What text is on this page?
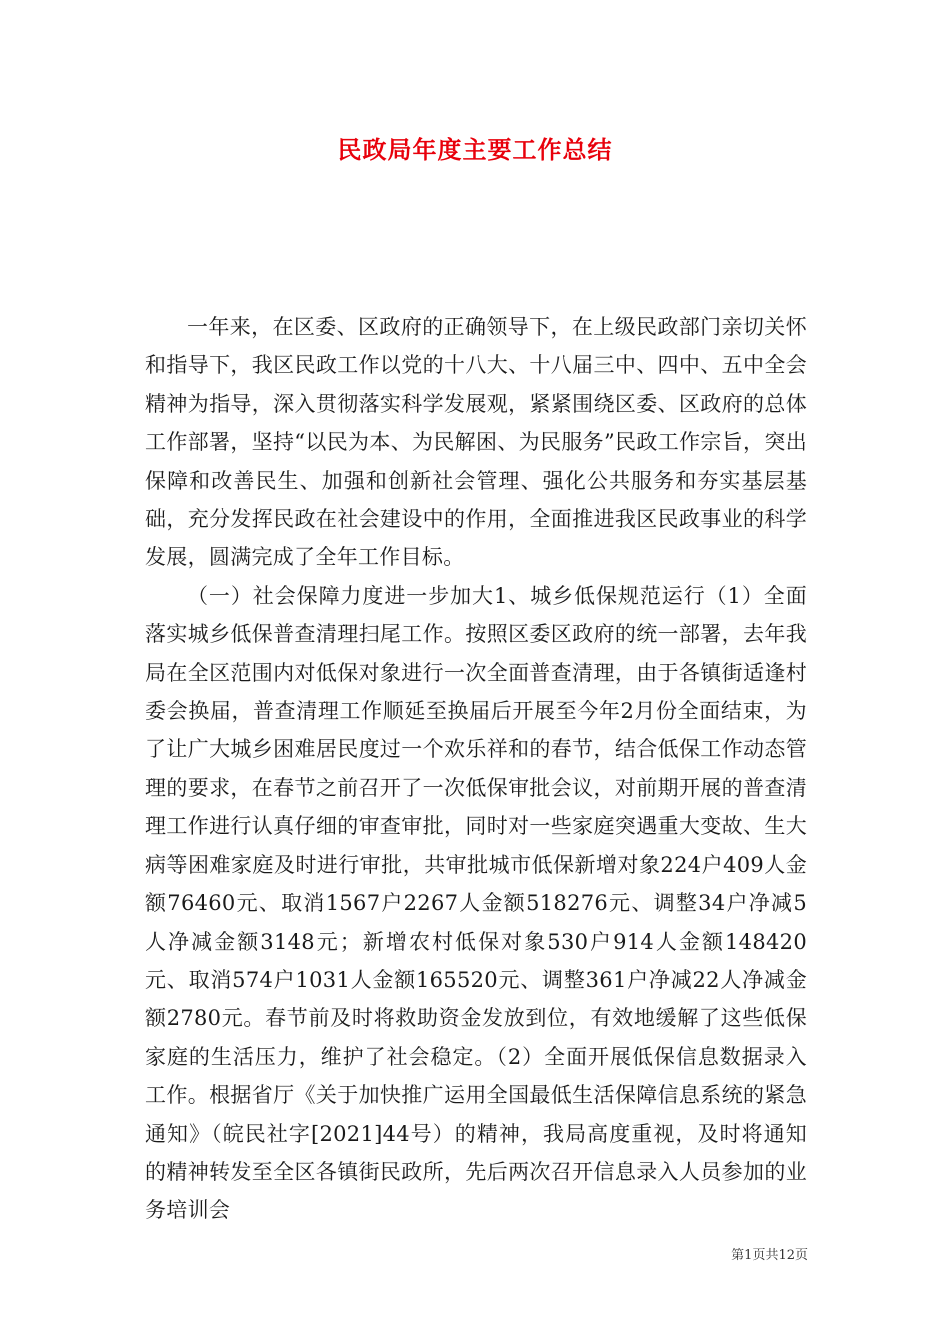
民政局年度主要工作总结

一年来，在区委、区政府的正确领导下，在上级民政部门亲切关怀和指导下，我区民政工作以党的十八大、十八届三中、四中、五中全会精神为指导，深入贯彻落实科学发展观，紧紧围绕区委、区政府的总体工作部署，坚持“以民为本、为民解困、为民服务”民政工作宗旨，突出保障和改善民生、加强和创新社会管理、强化公共服务和夯实基层基础，充分发挥民政在社会建设中的作用，全面推进我区民政事业的科学发展，圆满完成了全年工作目标。

（一）社会保障力度进一步加大1、城乡低保规范运行（1）全面落实城乡低保普查清理扫尾工作。按照区委区政府的统一部署，去年我局在全区范围内对低保对象进行一次全面普查清理，由于各镇街适逢村委会换届，普查清理工作顺延至换届后开展至今年2月份全面结束，为了让广大城乡困难居民度过一个欢乐祥和的春节，结合低保工作动态管理的要求，在春节之前召开了一次低保审批会议，对前期开展的普查清理工作进行认真仔细的审查审批，同时对一些家庭突遇重大变故、生大病等困难家庭及时进行审批，共审批城市低保新增对象224户409人金额76460元、取消1567户2267人金额518276元、调整34户净减5人净减金额3148元；新增农村低保对象530户914人金额148420元、取消574户1031人金额165520元、调整361户净减22人净减金额2780元。春节前及时将救助资金发放到位，有效地缓解了这些低保家庭的生活压力，维护了社会稳定。（2）全面开展低保信息数据录入工作。根据省厅《关于加快推广运用全国最低生活保障信息系统的紧急通知》（皖民社字[2021]44号）的精神，我局高度重视，及时将通知的精神转发至全区各镇街民政所，先后两次召开信息录入人员参加的业务培训会

第1页共12页
